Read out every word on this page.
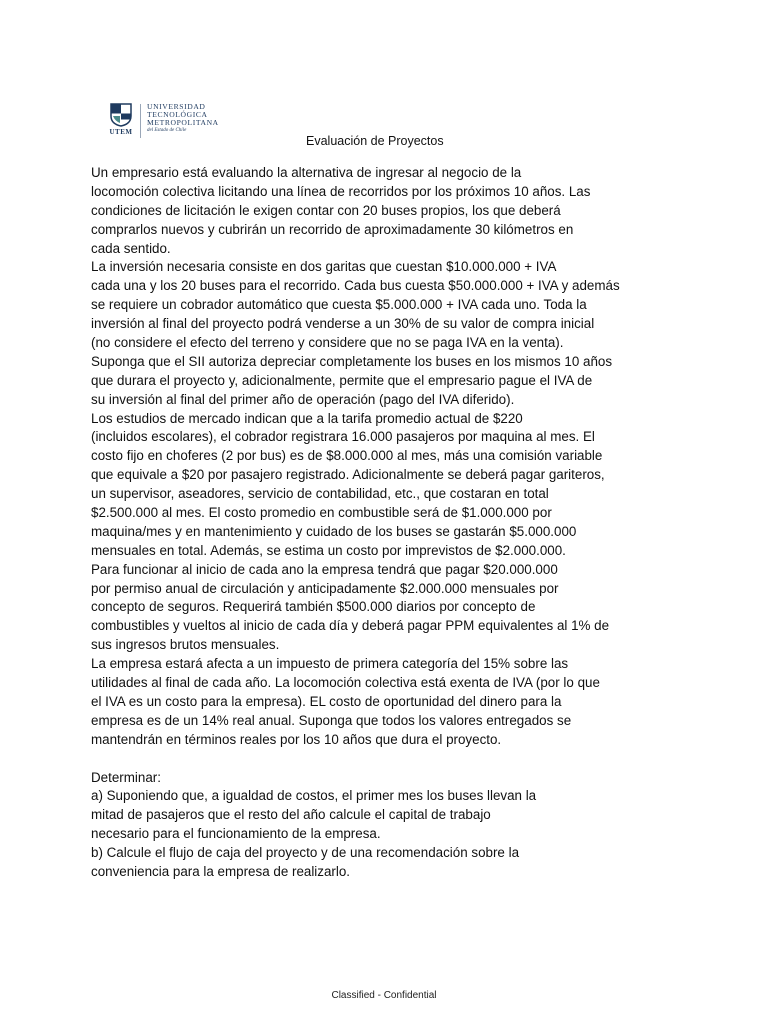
UTEM
UNIVERSIDAD
TECNOLÓGICA
METROPOLITANA
del Estado de Chile
Evaluación de Proyectos
Un empresario está evaluando la alternativa de ingresar al negocio de la
locomoción colectiva licitando una línea de recorridos por los próximos 10 años. Las
condiciones de licitación le exigen contar con 20 buses propios, los que deberá
comprarlos nuevos y cubrirán un recorrido de aproximadamente 30 kilómetros en
cada sentido.
La inversión necesaria consiste en dos garitas que cuestan $10.000.000 + IVA
cada una y los 20 buses para el recorrido. Cada bus cuesta $50.000.000 + IVA y además
se requiere un cobrador automático que cuesta $5.000.000 + IVA cada uno. Toda la
inversión al final del proyecto podrá venderse a un 30% de su valor de compra inicial
(no considere el efecto del terreno y considere que no se paga IVA en la venta).
Suponga que el SII autoriza depreciar completamente los buses en los mismos 10 años
que durara el proyecto y, adicionalmente, permite que el empresario pague el IVA de
su inversión al final del primer año de operación (pago del IVA diferido).
Los estudios de mercado indican que a la tarifa promedio actual de $220
(incluidos escolares), el cobrador registrara 16.000 pasajeros por maquina al mes. El
costo fijo en choferes (2 por bus) es de $8.000.000 al mes, más una comisión variable
que equivale a $20 por pasajero registrado. Adicionalmente se deberá pagar gariteros,
un supervisor, aseadores, servicio de contabilidad, etc., que costaran en total
$2.500.000 al mes. El costo promedio en combustible será de $1.000.000 por
maquina/mes y en mantenimiento y cuidado de los buses se gastarán $5.000.000
mensuales en total. Además, se estima un costo por imprevistos de $2.000.000.
Para funcionar al inicio de cada ano la empresa tendrá que pagar $20.000.000
por permiso anual de circulación y anticipadamente $2.000.000 mensuales por
concepto de seguros. Requerirá también $500.000 diarios por concepto de
combustibles y vueltos al inicio de cada día y deberá pagar PPM equivalentes al 1% de
sus ingresos brutos mensuales.
La empresa estará afecta a un impuesto de primera categoría del 15% sobre las
utilidades al final de cada año. La locomoción colectiva está exenta de IVA (por lo que
el IVA es un costo para la empresa). EL costo de oportunidad del dinero para la
empresa es de un 14% real anual. Suponga que todos los valores entregados se
mantendrán en términos reales por los 10 años que dura el proyecto.
Determinar:
a) Suponiendo que, a igualdad de costos, el primer mes los buses llevan la
mitad de pasajeros que el resto del año calcule el capital de trabajo
necesario para el funcionamiento de la empresa.
b) Calcule el flujo de caja del proyecto y de una recomendación sobre la
conveniencia para la empresa de realizarlo.
Classified - Confidential
